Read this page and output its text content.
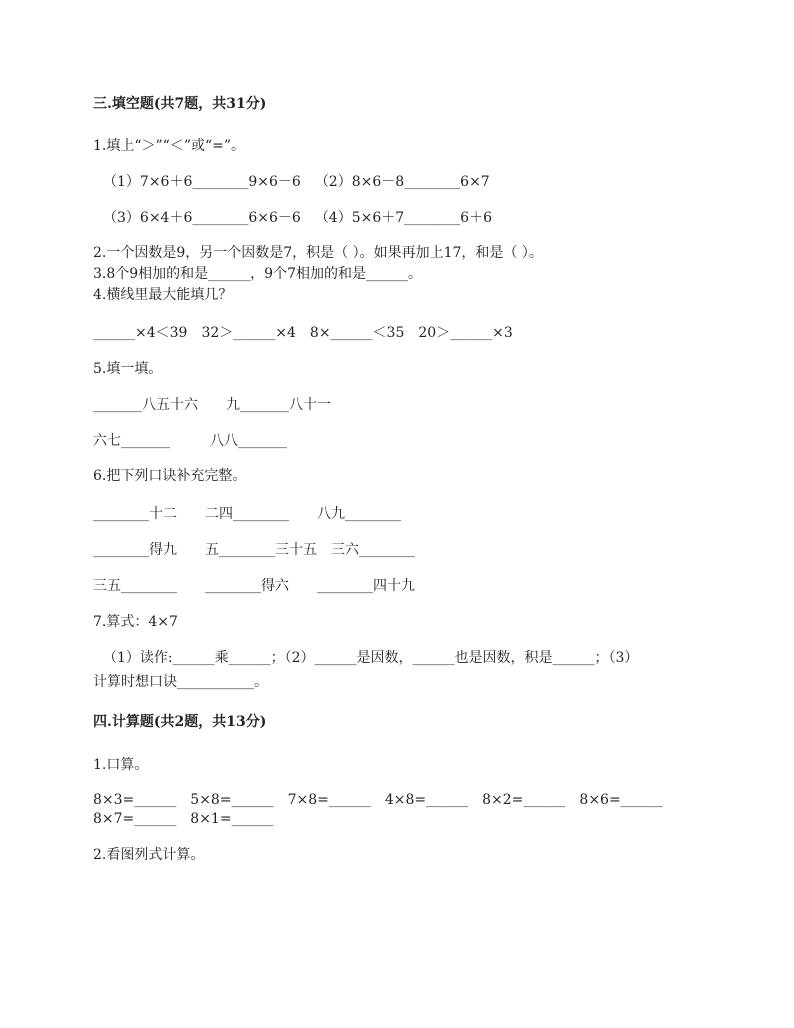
三.填空题(共7题，共31分)
1.填上“＞”“＜”或“=”。
（1）7×6＋6________9×6－6 （2）8×6－8________6×7
（3）6×4＋6________6×6－6 （4）5×6＋7________6＋6
2.一个因数是9，另一个因数是7，积是（ ）。如果再加上17，和是（ ）。
3.8个9相加的和是______，9个7相加的和是______。
4.横线里最大能填几？
______×4＜39 32＞______×4 8×______＜35 20＞______×3
5.填一填。
_______八五十六 九_______八十一
六七_______	八八_______
6.把下列口诀补充完整。
________十二 二四________ 八九________
________得九 五________三十五 三六________
三五________ ________得六 ________四十九
7.算式：4×7
（1）读作:______乘______；（2）______是因数，______也是因数，积是______；（3）
计算时想口诀___________。
四.计算题(共2题，共13分)
1.口算。
8×3=______ 5×8=______ 7×8=______ 4×8=______ 8×2=______ 8×6=______
8×7=______ 8×1=______
2.看图列式计算。
